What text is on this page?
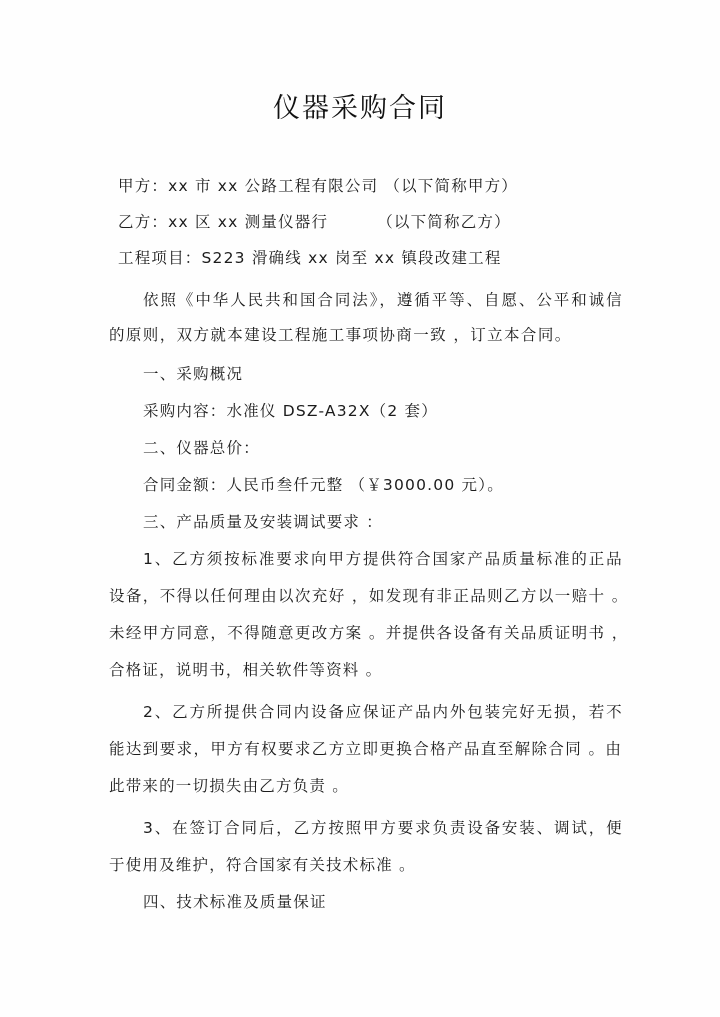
仪器采购合同

甲方：xx 市 xx 公路工程有限公司 （以下简称甲方）

乙方：xx 区 xx 测量仪器行        （以下简称乙方）

工程项目：S223 滑确线 xx 岗至 xx 镇段改建工程

依照《中华人民共和国合同法》，遵循平等、自愿、公平和诚信

的原则，双方就本建设工程施工事项协商一致 ，订立本合同。

一、采购概况

采购内容：水准仪 DSZ-A32X（2 套）

二、仪器总价：

合同金额：人民币叁仟元整 （￥3000.00 元）。

三、产品质量及安装调试要求 ：

1、乙方须按标准要求向甲方提供符合国家产品质量标准的正品

设备，不得以任何理由以次充好 ，如发现有非正品则乙方以一赔十 。

未经甲方同意，不得随意更改方案 。并提供各设备有关品质证明书 ，

合格证，说明书，相关软件等资料 。

2、乙方所提供合同内设备应保证产品内外包装完好无损，若不

能达到要求，甲方有权要求乙方立即更换合格产品直至解除合同 。由

此带来的一切损失由乙方负责 。

3、在签订合同后，乙方按照甲方要求负责设备安装、调试，便

于使用及维护，符合国家有关技术标准 。

四、技术标准及质量保证
